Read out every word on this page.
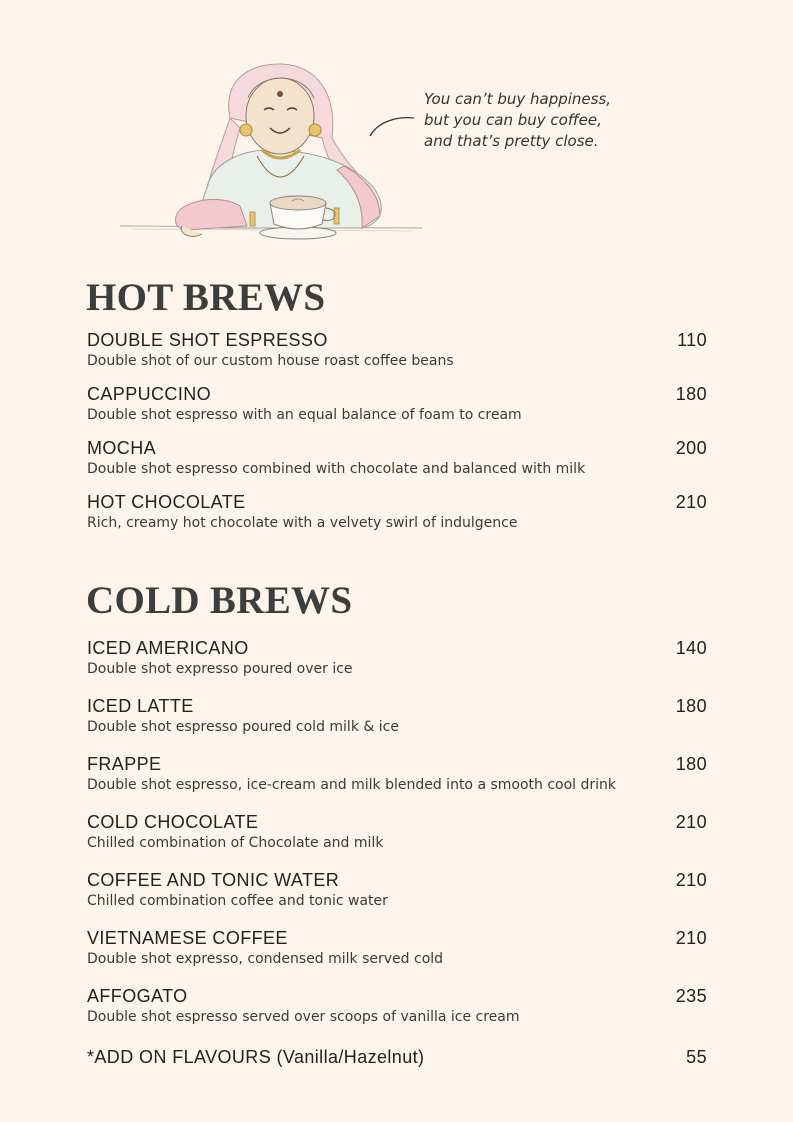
You can’t buy happiness,
but you can buy coffee,
and that’s pretty close.
HOT BREWS
DOUBLE SHOT ESPRESSO	110
Double shot of our custom house roast coffee beans
CAPPUCCINO	180
Double shot espresso with an equal balance of foam to cream
MOCHA	200
Double shot espresso combined with chocolate and balanced with milk
HOT CHOCOLATE	210
Rich, creamy hot chocolate with a velvety swirl of indulgence
COLD BREWS
ICED AMERICANO	140
Double shot expresso poured over ice
ICED LATTE	180
Double shot espresso poured cold milk & ice
FRAPPE	180
Double shot espresso, ice-cream and milk blended into a smooth cool drink
COLD CHOCOLATE	210
Chilled combination of Chocolate and milk
COFFEE AND TONIC WATER	210
Chilled combination coffee and tonic water
VIETNAMESE COFFEE	210
Double shot expresso, condensed milk served cold
AFFOGATO	235
Double shot espresso served over scoops of vanilla ice cream
*ADD ON FLAVOURS (Vanilla/Hazelnut)	55
